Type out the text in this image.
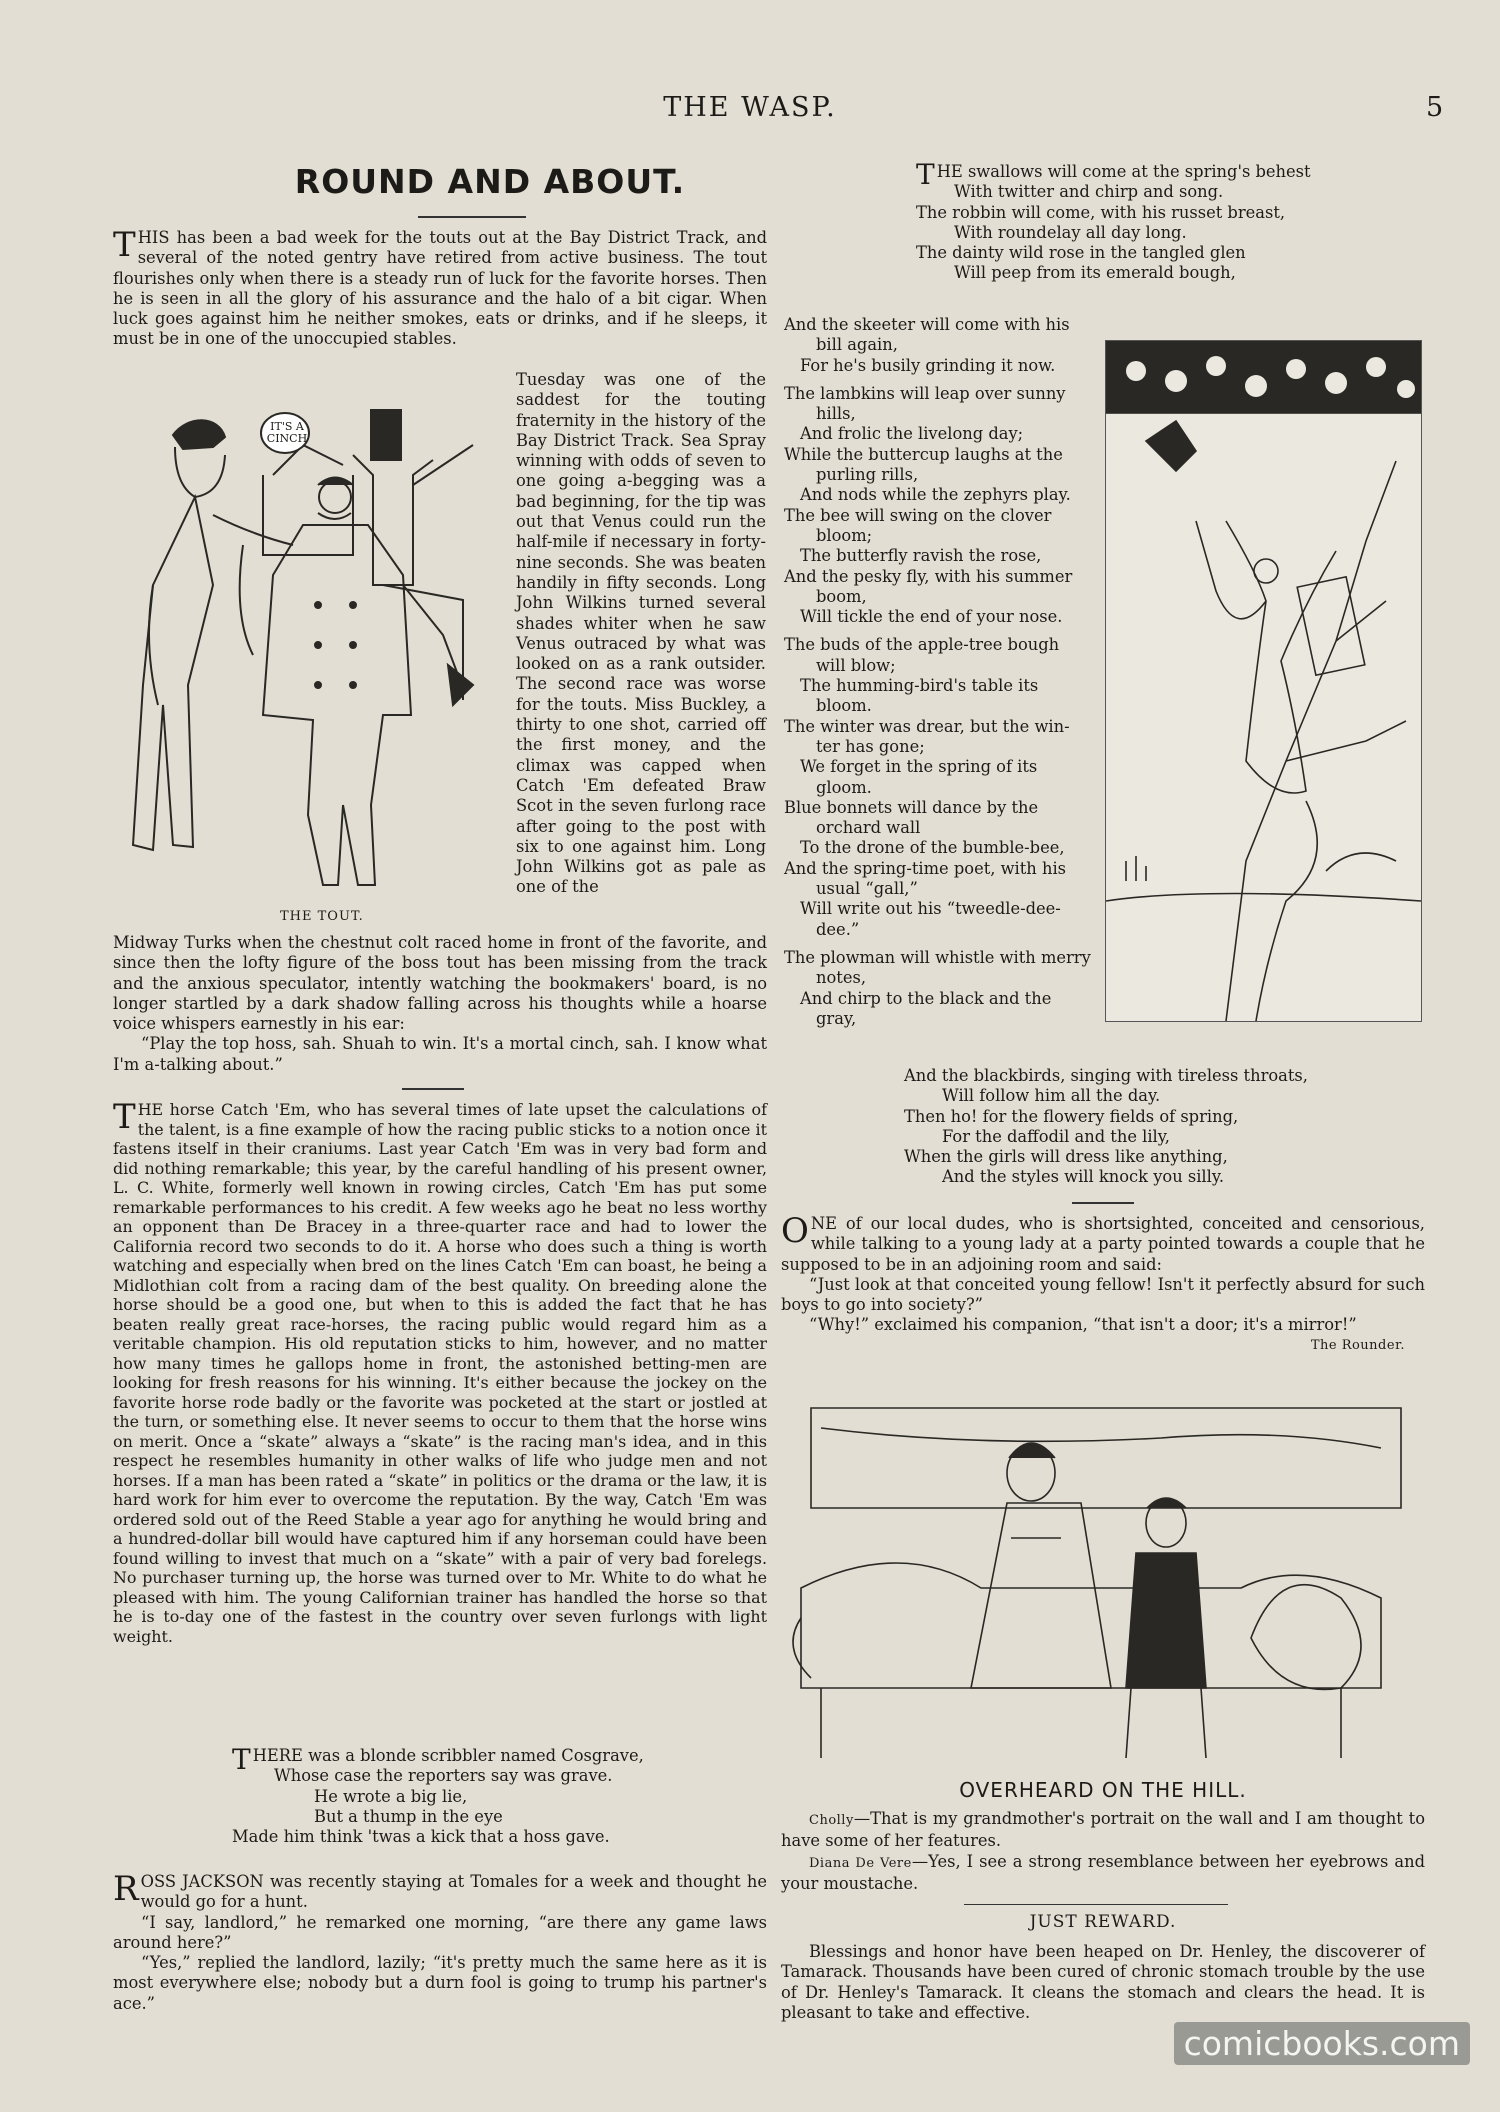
THE WASP.	5
ROUND AND ABOUT.

THIS has been a bad week for the touts out at the Bay District Track, and several of the noted gentry have retired from active business. The tout flourishes only when there is a steady run of luck for the favorite horses. Then he is seen in all the glory of his assurance and the halo of a bit cigar. When luck goes against him he neither smokes, eats or drinks, and if he sleeps, it must be in one of the unoccupied stables.

IT'S A CINCH

Tuesday was one of the saddest for the touting fraternity in the history of the Bay District Track. Sea Spray winning with odds of seven to one going a-begging was a bad beginning, for the tip was out that Venus could run the half-mile if necessary in forty-nine seconds. She was beaten handily in fifty seconds. Long John Wilkins turned several shades whiter when he saw Venus outraced by what was looked on as a rank outsider. The second race was worse for the touts. Miss Buckley, a thirty to one shot, carried off the first money, and the climax was capped when Catch 'Em defeated Braw Scot in the seven furlong race after going to the post with six to one against him. Long John Wilkins got as pale as one of the

THE TOUT.

Midway Turks when the chestnut colt raced home in front of the favorite, and since then the lofty figure of the boss tout has been missing from the track and the anxious speculator, intently watching the bookmakers' board, is no longer startled by a dark shadow falling across his thoughts while a hoarse voice whispers earnestly in his ear:

“Play the top hoss, sah. Shuah to win. It's a mortal cinch, sah. I know what I'm a-talking about.”

THE horse Catch 'Em, who has several times of late upset the calculations of the talent, is a fine example of how the racing public sticks to a notion once it fastens itself in their craniums. Last year Catch 'Em was in very bad form and did nothing remarkable; this year, by the careful handling of his present owner, L. C. White, formerly well known in rowing circles, Catch 'Em has put some remarkable performances to his credit. A few weeks ago he beat no less worthy an opponent than De Bracey in a three-quarter race and had to lower the California record two seconds to do it. A horse who does such a thing is worth watching and especially when bred on the lines Catch 'Em can boast, he being a Midlothian colt from a racing dam of the best quality. On breeding alone the horse should be a good one, but when to this is added the fact that he has beaten really great race-horses, the racing public would regard him as a veritable champion. His old reputation sticks to him, however, and no matter how many times he gallops home in front, the astonished betting-men are looking for fresh reasons for his winning. It's either because the jockey on the favorite horse rode badly or the favorite was pocketed at the start or jostled at the turn, or something else. It never seems to occur to them that the horse wins on merit. Once a “skate” always a “skate” is the racing man's idea, and in this respect he resembles humanity in other walks of life who judge men and not horses. If a man has been rated a “skate” in politics or the drama or the law, it is hard work for him ever to overcome the reputation. By the way, Catch 'Em was ordered sold out of the Reed Stable a year ago for anything he would bring and a hundred-dollar bill would have captured him if any horseman could have been found willing to invest that much on a “skate” with a pair of very bad forelegs. No purchaser turning up, the horse was turned over to Mr. White to do what he pleased with him. The young Californian trainer has handled the horse so that he is to-day one of the fastest in the country over seven furlongs with light weight.

THERE was a blonde scribbler named Cosgrave,
Whose case the reporters say was grave.
He wrote a big lie,
But a thump in the eye
Made him think 'twas a kick that a hoss gave.

ROSS JACKSON was recently staying at Tomales for a week and thought he would go for a hunt.

“I say, landlord,” he remarked one morning, “are there any game laws around here?”

“Yes,” replied the landlord, lazily; “it's pretty much the same here as it is most everywhere else; nobody but a durn fool is going to trump his partner's ace.”

THE swallows will come at the spring's behest
With twitter and chirp and song.
The robbin will come, with his russet breast,
With roundelay all day long.
The dainty wild rose in the tangled glen
Will peep from its emerald bough,
And the skeeter will come with his
bill again,
For he's busily grinding it now.
The lambkins will leap over sunny
hills,
And frolic the livelong day;
While the buttercup laughs at the
purling rills,
And nods while the zephyrs play.
The bee will swing on the clover
bloom;
The butterfly ravish the rose,
And the pesky fly, with his summer
boom,
Will tickle the end of your nose.
The buds of the apple-tree bough
will blow;
The humming-bird's table its
bloom.
The winter was drear, but the win-
ter has gone;
We forget in the spring of its
gloom.
Blue bonnets will dance by the
orchard wall
To the drone of the bumble-bee,
And the spring-time poet, with his
usual “gall,”
Will write out his “tweedle-dee-
dee.”
The plowman will whistle with merry
notes,
And chirp to the black and the
gray,
And the blackbirds, singing with tireless throats,
Will follow him all the day.
Then ho! for the flowery fields of spring,
For the daffodil and the lily,
When the girls will dress like anything,
And the styles will knock you silly.

ONE of our local dudes, who is shortsighted, conceited and censorious, while talking to a young lady at a party pointed towards a couple that he supposed to be in an adjoining room and said:

“Just look at that conceited young fellow! Isn't it perfectly absurd for such boys to go into society?”

“Why!” exclaimed his companion, “that isn't a door; it's a mirror!”

The Rounder.

OVERHEARD ON THE HILL.

Cholly—That is my grandmother's portrait on the wall and I am thought to have some of her features.

Diana De Vere—Yes, I see a strong resemblance between her eyebrows and your moustache.

JUST REWARD.

Blessings and honor have been heaped on Dr. Henley, the discoverer of Tamarack. Thousands have been cured of chronic stomach trouble by the use of Dr. Henley's Tamarack. It cleans the stomach and clears the head. It is pleasant to take and effective.

comicbooks.com
